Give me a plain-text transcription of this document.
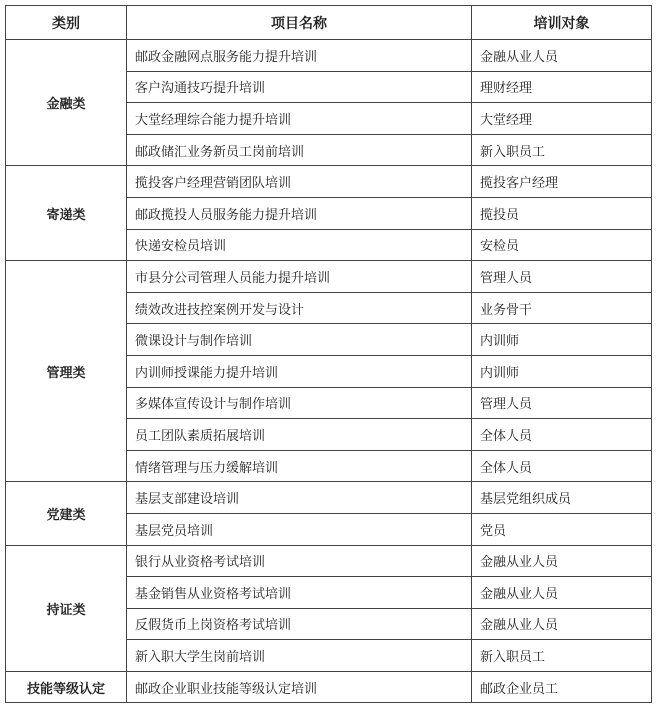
类别	项目名称	培训对象
金融类	邮政金融网点服务能力提升培训	金融从业人员
	客户沟通技巧提升培训	理财经理
	大堂经理综合能力提升培训	大堂经理
	邮政储汇业务新员工岗前培训	新入职员工
寄递类	揽投客户经理营销团队培训	揽投客户经理
	邮政揽投人员服务能力提升培训	揽投员
	快递安检员培训	安检员
管理类	市县分公司管理人员能力提升培训	管理人员
	绩效改进技控案例开发与设计	业务骨干
	微课设计与制作培训	内训师
	内训师授课能力提升培训	内训师
	多媒体宣传设计与制作培训	管理人员
	员工团队素质拓展培训	全体人员
	情绪管理与压力缓解培训	全体人员
党建类	基层支部建设培训	基层党组织成员
	基层党员培训	党员
持证类	银行从业资格考试培训	金融从业人员
	基金销售从业资格考试培训	金融从业人员
	反假货币上岗资格考试培训	金融从业人员
	新入职大学生岗前培训	新入职员工
技能等级认定	邮政企业职业技能等级认定培训	邮政企业员工
